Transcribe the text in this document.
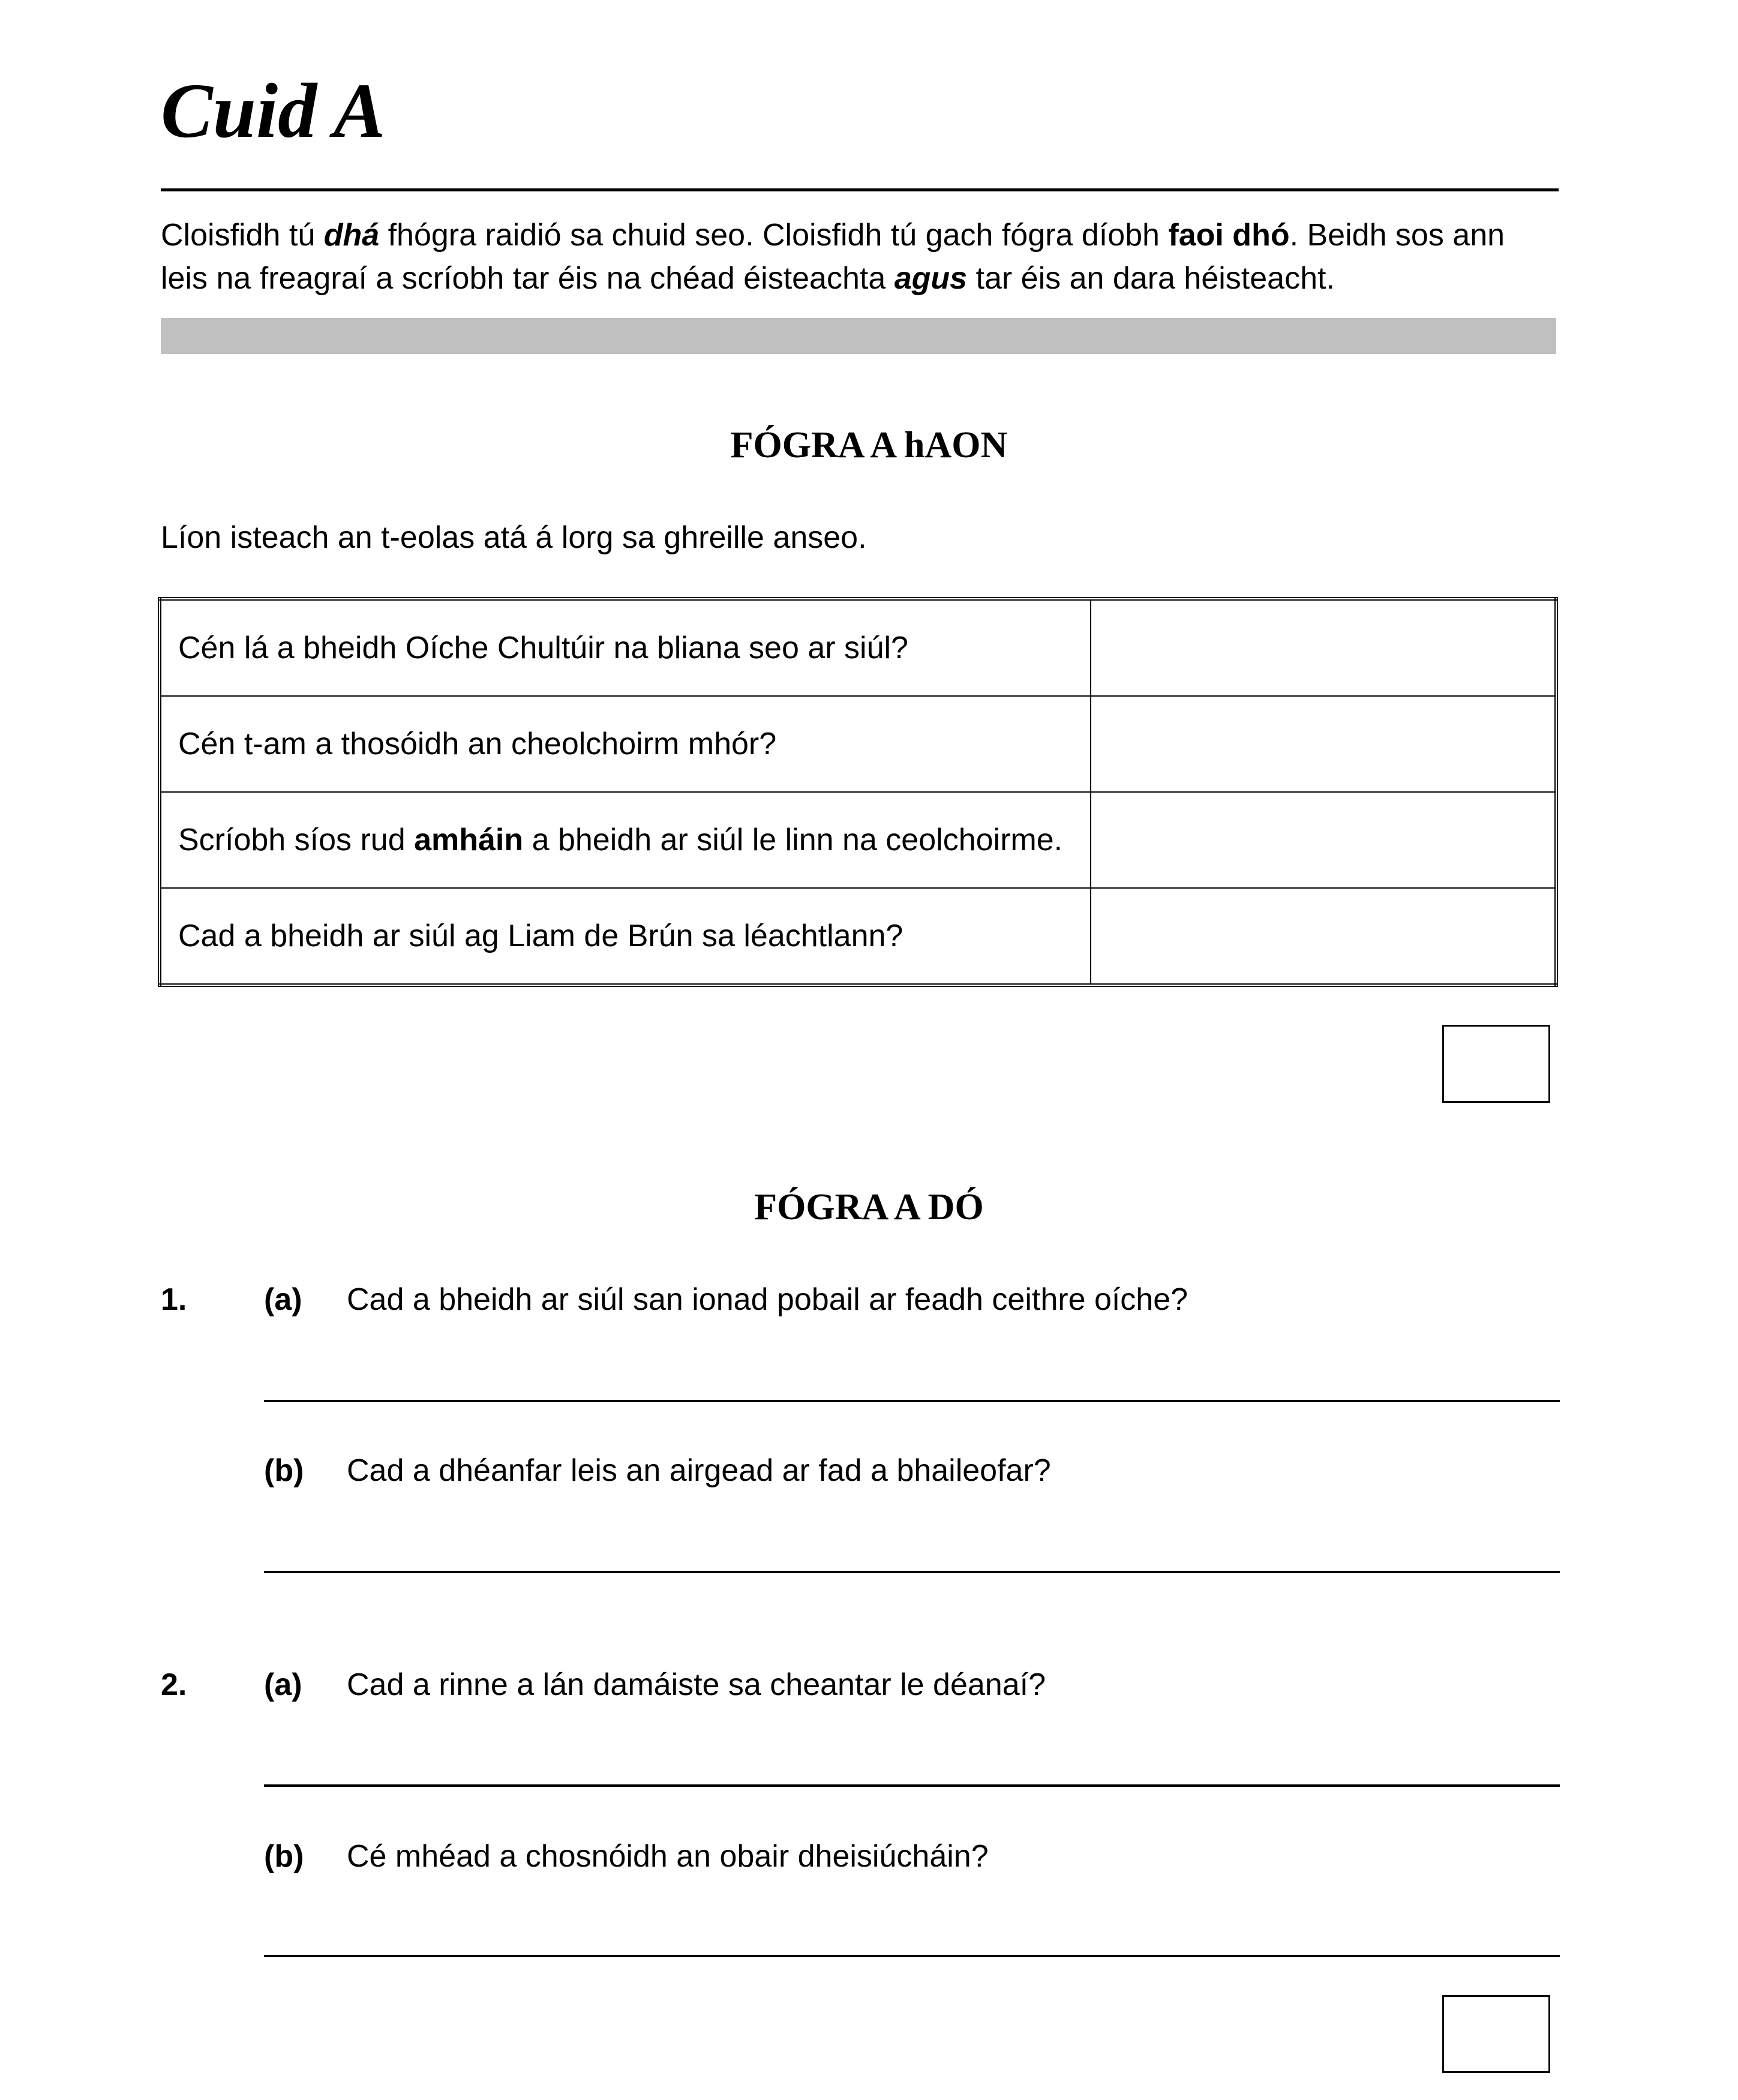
Cuid A

Cloisfidh tú dhá fhógra raidió sa chuid seo. Cloisfidh tú gach fógra díobh faoi dhó. Beidh sos ann leis na freagraí a scríobh tar éis na chéad éisteachta agus tar éis an dara héisteacht.

FÓGRA A hAON

Líon isteach an t-eolas atá á lorg sa ghreille anseo.

Cén lá a bheidh Oíche Chultúir na bliana seo ar siúl?	
Cén t-am a thosóidh an cheolchoirm mhór?	
Scríobh síos rud amháin a bheidh ar siúl le linn na ceolchoirme.	
Cad a bheidh ar siúl ag Liam de Brún sa léachtlann?	
FÓGRA A DÓ
1. (a) Cad a bheidh ar siúl san ionad pobail ar feadh ceithre oíche?
(b) Cad a dhéanfar leis an airgead ar fad a bhaileofar?
2. (a) Cad a rinne a lán damáiste sa cheantar le déanaí?
(b) Cé mhéad a chosnóidh an obair dheisiúcháin?
